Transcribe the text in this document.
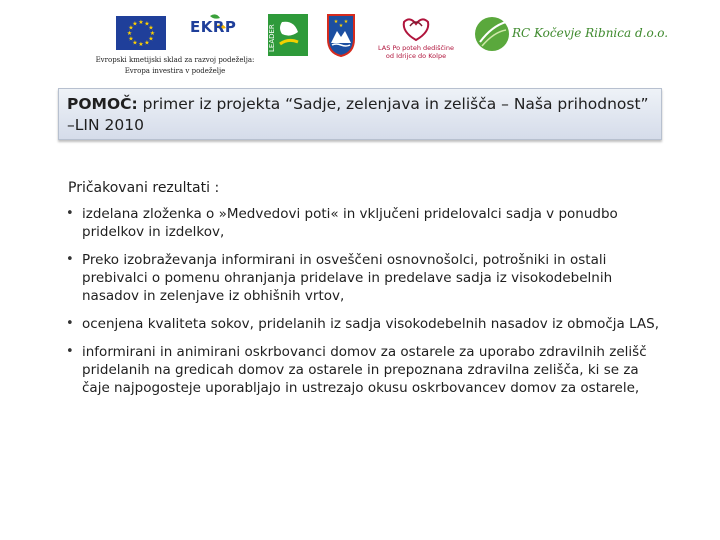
★ ★
★
★
★
★
★
★
★
★
★
★	EKRP
Evropski kmetijski sklad za razvoj podeželja:
Evropa investira v podeželje
LEADER
★ ★
★
LAS Po poteh dediščine
od Idrijce do Kolpe
RC Kočevje Ribnica d.o.o.
POMOČ: primer iz projekta “Sadje, zelenjava in zelišča – Naša prihodnost” –LIN 2010
Pričakovani rezultati :
• izdelana zloženka o »Medvedovi poti« in vključeni pridelovalci sadja v ponudbo pridelkov in izdelkov,
• Preko izobraževanja informirani in osveščeni osnovnošolci, potrošniki in ostali prebivalci o pomenu ohranjanja pridelave in predelave sadja iz visokodebelnih nasadov in zelenjave iz obhišnih vrtov,
• ocenjena kvaliteta sokov, pridelanih iz sadja visokodebelnih nasadov iz območja LAS,
• informirani in animirani oskrbovanci domov za ostarele za uporabo zdravilnih zelišč pridelanih na gredicah domov za ostarele in prepoznana zdravilna zelišča, ki se za čaje najpogosteje uporabljajo in ustrezajo okusu oskrbovancev domov za ostarele,
